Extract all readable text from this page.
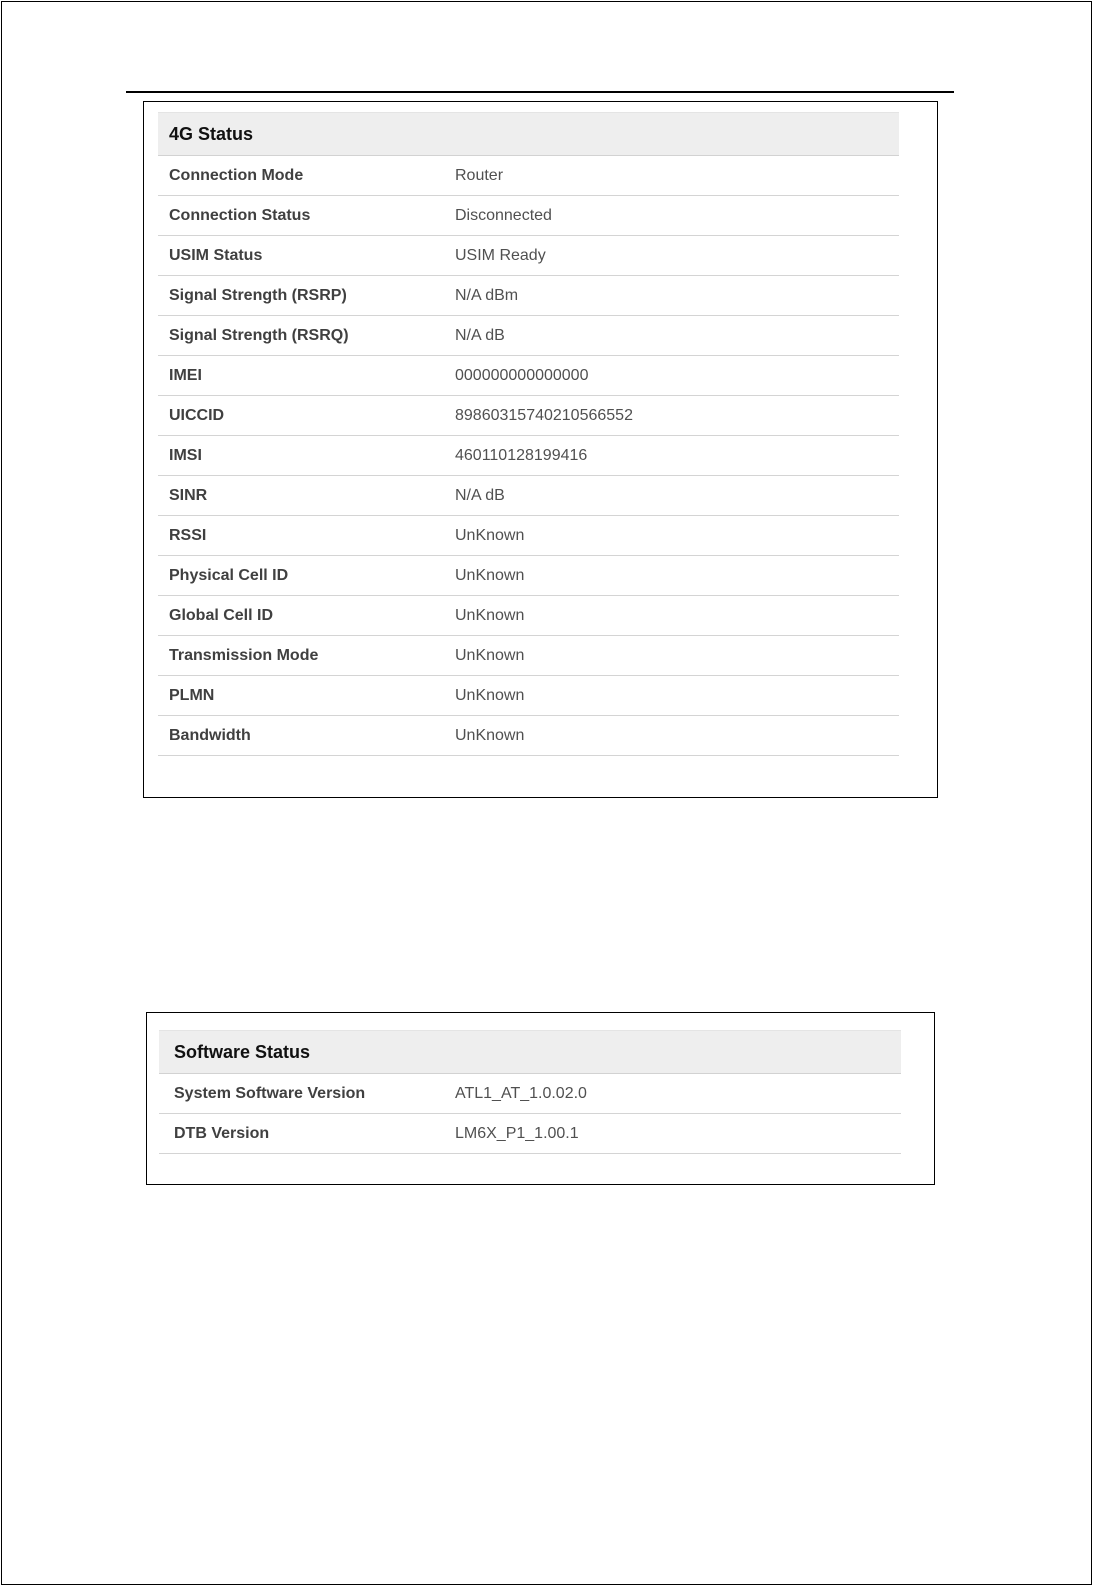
4G Status
Connection Mode	Router
Connection Status	Disconnected
USIM Status	USIM Ready
Signal Strength (RSRP)	N/A dBm
Signal Strength (RSRQ)	N/A dB
IMEI	000000000000000
UICCID	89860315740210566552
IMSI	460110128199416
SINR	N/A dB
RSSI	UnKnown
Physical Cell ID	UnKnown
Global Cell ID	UnKnown
Transmission Mode	UnKnown
PLMN	UnKnown
Bandwidth	UnKnown
Software Status
System Software Version	ATL1_AT_1.0.02.0
DTB Version	LM6X_P1_1.00.1
